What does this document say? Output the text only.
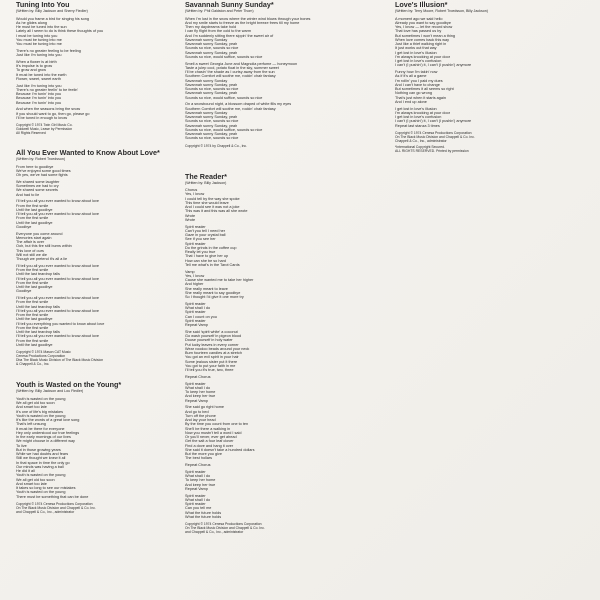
Tuning Into You
(Written by: Billy Jackson and Sherry Fiedler)
Would you frame a bird for singing his song
As he glides along
He must be tuned into the sun
Lately all I seem to do is think these thoughts of you
I must be tuning into you
You must be tuning into me
You must be tuning into me
There's no greater feeling to be feeling
Just like I'm tuning into you
When a flower is at birth
It's impulse is to grow
To grow and grow
It must be tuned into the earth
Flower, sweet, sweet earth
Just like I'm tuning into you
There's no greater feelin' to be feelin'
Because I'm tunin' into you
Because I'm tunin' into you
Because I'm tunin' into you
And when the seasons bring the snow
If you should want to go, then go, please go
I'll be tuned in enough to know
Copyright © 1974 Twin Girl Music Co.
Goldwell Music, Lease by Permission
All Rights Reserved
All You Ever Wanted to Know About Love*
(Written by: Robert Troedsson)
From here to goodbye
We've enjoyed some good times
Oh yes, we've had some fights
We shared some laughter
Sometimes we had to cry
We shared some secrets
And had to lie
I'll tell you all you ever wanted to know about love
From the first smile
Until the last goodbye
I'll tell you all you ever wanted to know about love
From the first smile
Until the last goodbye
Goodbye
Everyone you come around
Memories start again
The affair is over
Ooh, but this fire still burns within
This love of ours
Will not still we die
Though we pretend it's all a lie
I'll tell you all you ever wanted to know about love
From the first smile
Until the last teardrop falls
I'll tell you all you ever wanted to know about love
From the first smile
Until the last goodbye
Goodbye
I'll tell you all you ever wanted to know about love
From the first smile
Until the last teardrop falls
I'll tell you all you ever wanted to know about love
From the first smile
Until the last goodbye
I'll tell you everything you wanted to know about love
From the first smile
Until the last teardrop falls
I'll tell you all you ever wanted to know about love
From the first smile
Until the last goodbye
Copyright © 1974 Mason CAT Music
Cenesa Productions Corporation
Dba The Black Music Division of The Black Music Division
& Chappell & Co., Inc.
Youth is Wasted on the Young*
(Written by: Billy Jackson and Lou Fiedler)
Youth is wasted on the young
We all get old too soon
And smart too late
It's one of life's big mistakes
Youth is wasted on the young
It's like the words of a great love song
That's left unsung
It must be there for everyone
Hey only understood our true feelings
In the early mornings of our lives
We might choose in a different way
To live
But in those growing years
While we had doubts and fears
Still we thought we knew it all
In that space in time the only go
Our minds was having a ball
He did it all
Youth is wasted on the young
We all get old too soon
And smart too late
It takes so long to see our mistakes
Youth is wasted on the young
There must be something that can be done
Copyright © 1974 Cenesa Productions Corporation
On The Black Music Division and Chappell & Co. Inc.
and Chappell & Co., Inc., administrator
Savannah Sunny Sunday*
(Written by: Phil Galdston and Peter Thom)
When I'm lost in the snow where the winter wind blows through your bones
And my smile starts to freeze as the bright breeze frees till my home
Then my daydreams take hold
I can fly flight from the cold to the warm
And I'm suddenly sitting there sippin' the sweet air of
Savannah sunny Sunday
Savannah sunny Sunday, yeah
Sounds so nice, sounds so nice
Savannah sunny Sunday, yeah
Sounds so nice, would suffice, sounds so nice
Smell a sweet Georgia June and Magnolia perfume — honeymoon
Taste a julep cool, potato float in the sky, summer sweet
I'll be chasin' the shade as I curtsy away from the sun
Southern Comfort will soothe me, rockin' chair fantasy
Savannah sunny Sunday
Savannah sunny Sunday, yeah
Sounds so nice, sounds so nice
Savannah sunny Sunday, yeah
Sounds so nice, would suffice, sounds so nice
On a snowbound night, a blossom draped of white fills my eyes
Southern Comfort will soothe me, rockin' chair fantasy
Savannah sunny Sunday
Savannah sunny Sunday, yeah
Sounds so nice, sounds so nice
Savannah sunny Sunday, yeah
Sounds so nice, would suffice, sounds so nice
Savannah sunny Sunday, yeah
Sounds so nice, sounds so nice
Copyright © 1974 by Chappell & Co., Inc.
The Reader*
(Written by: Billy Jackson)
Chorus
Yes, I know
I could tell by the way she spoke
This time she would leave
And I could see it was not a joke
This was it and this was all she wrote
Wrote
Wrote
Spirit reader
Can't you tell I need her
Gaze in your crystal ball
See if you see her
Spirit reader
Do the grinds in the coffee cup
Really let you true
That I have to give her up
How can she be so hard
Tell me what's in the Tarot Cards
Vamp
Yes, I know
Cause she wanted me to take her higher
And higher
She really meant to leave
She really meant to say goodbye
So I thought I'd give it one more try
Spirit reader
What shall I do
Spirit reader
Can I count on you
Spirit reader
Repeat Vamp
She said 'spirit white' a coconut
Go wash yourself in pigeon blood
Douse yourself in holy water
Put lucky leaves in every corner
Wear voodoo beads around your neck
Burn fourteen candles at a stretch
You got an evil spirit in your hair
Some jealous sister put it there
You got to put your faith in me
I'll tell you it's true, two, three
Repeat Chorus
Spirit reader
What shall I do
To keep her home
And keep her true
Repeat Vamp
She said go right home
And go to bed
Turn off the phone
And lay your head
By the time you count from one to ten
She'll be there a walking in
Now you mustn't tell a word I said
Or you'll never, ever get ahead
Get the salt a four leaf clover
Find a dove and hang it over
She said it doesn't take a hundred dollars
But the more you give
The best hollars
Repeat Chorus
Spirit reader
What shall I do
To keep her home
And keep her true
Repeat Vamp
Spirit reader
What shall I do
Spirit reader
Can you tell me
What the future holds
What the future holds
Copyright © 1974 Cenesa Productions Corporation
On The Black Music Division and Chappell & Co. Inc.
and Chappell & Co., Inc., administrator
Love's Illusion*
(Written by: Terry Moore, Robert Troedsson, Billy Jackson)
A moment ago we said hello
Already you want to say goodbye
Yes, I know — let the record show
That love has passed us by
But sometimes I won't mean a thing
When love comes back this way
Just like a thief walking right in
It just works out that way
I get lost in love's illusion
I'm always knocking at your door
I get lost in love's confusion
I can't (I pushin') it, I can't (I pushin') anymore
Funny how I'm takin' now
As if it's all a game
I'm rollin' you I paid my dues
And I can't have to change
But sometimes it all seems so right
Nothing can go wrong
That's just when it starts again
And I end up alone
I get lost in love's illusion
I'm always knocking at your door
I get lost in love's confusion
I can't (I pushin') it, I can't (I pushin') anymore
Repeat last stanza 3 times
Copyright © 1974 Cenesa Productions Corporation
On The Black Music Division and Chappell & Co. Inc.
Chappell & Co., Inc., administrator
*International Copyright Secured.
ALL RIGHTS RESERVED. Printed by permission
